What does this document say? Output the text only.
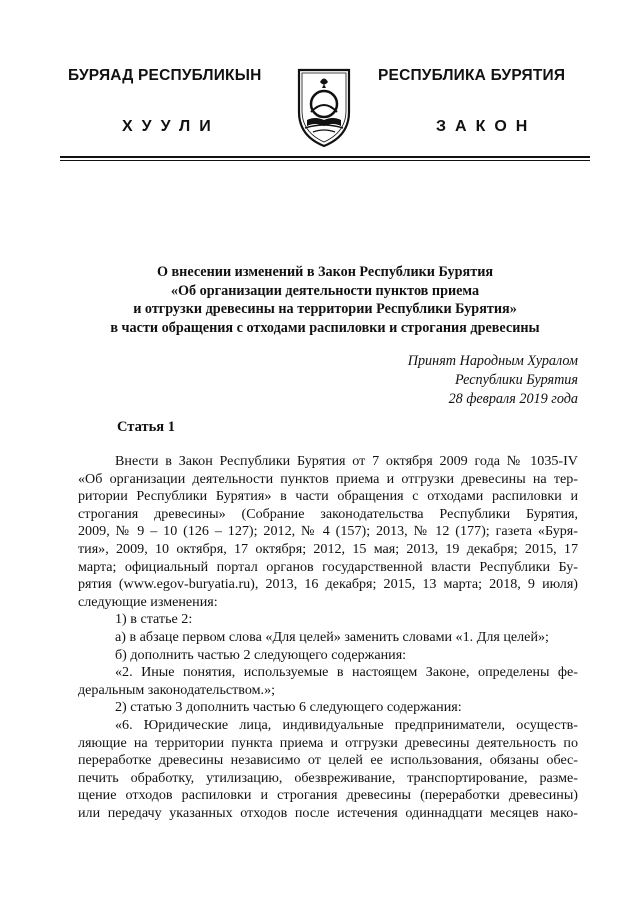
БУРЯАД РЕСПУБЛИКЫН
ХУУЛИ
РЕСПУБЛИКА БУРЯТИЯ
ЗАКОН
О внесении изменений в Закон Республики Бурятия
«Об организации деятельности пунктов приема
и отгрузки древесины на территории Республики Бурятия»
в части обращения с отходами распиловки и строгания древесины
Принят Народным Хуралом
Республики Бурятия
28 февраля 2019 года
Статья 1
Внести в Закон Республики Бурятия от 7 октября 2009 года № 1035-IV
«Об организации деятельности пунктов приема и отгрузки древесины на тер-
ритории Республики Бурятия» в части обращения с отходами распиловки и
строгания древесины» (Собрание законодательства Республики Бурятия,
2009, № 9 – 10 (126 – 127); 2012, № 4 (157); 2013, № 12 (177); газета «Буря-
тия», 2009, 10 октября, 17 октября; 2012, 15 мая; 2013, 19 декабря; 2015, 17
марта; официальный портал органов государственной власти Республики Бу-
рятия (www.egov-buryatia.ru), 2013, 16 декабря; 2015, 13 марта; 2018, 9 июля)
следующие изменения:
1) в статье 2:
а) в абзаце первом слова «Для целей» заменить словами «1. Для целей»;
б) дополнить частью 2 следующего содержания:
«2. Иные понятия, используемые в настоящем Законе, определены фе-
деральным законодательством.»;
2) статью 3 дополнить частью 6 следующего содержания:
«6. Юридические лица, индивидуальные предприниматели, осуществ-
ляющие на территории пункта приема и отгрузки древесины деятельность по
переработке древесины независимо от целей ее использования, обязаны обес-
печить обработку, утилизацию, обезвреживание, транспортирование, разме-
щение отходов распиловки и строгания древесины (переработки древесины)
или передачу указанных отходов после истечения одиннадцати месяцев нако-
